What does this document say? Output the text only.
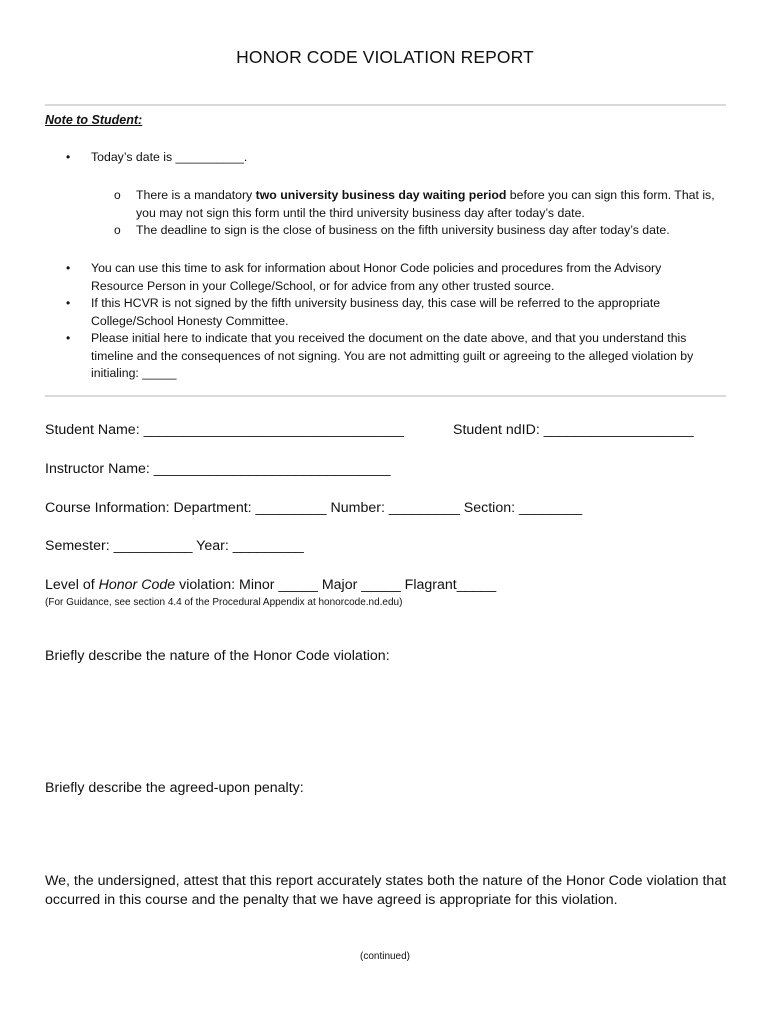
HONOR CODE VIOLATION REPORT
Note to Student:
• Today’s date is __________.
o There is a mandatory two university business day waiting period before you can sign this form. That is, you may not sign this form until the third university business day after today’s date.
o The deadline to sign is the close of business on the fifth university business day after today’s date.
• You can use this time to ask for information about Honor Code policies and procedures from the Advisory Resource Person in your College/School, or for advice from any other trusted source.
• If this HCVR is not signed by the fifth university business day, this case will be referred to the appropriate College/School Honesty Committee.
• Please initial here to indicate that you received the document on the date above, and that you understand this timeline and the consequences of not signing. You are not admitting guilt or agreeing to the alleged violation by initialing: _____
Student Name: _________________________________	Student ndID: ___________________
Instructor Name: ______________________________
Course Information: Department: _________ Number: _________ Section: ________
Semester: __________ Year: _________
Level of Honor Code violation: Minor _____ Major _____ Flagrant_____
(For Guidance, see section 4.4 of the Procedural Appendix at honorcode.nd.edu)
Briefly describe the nature of the Honor Code violation:
Briefly describe the agreed-upon penalty:
We, the undersigned, attest that this report accurately states both the nature of the Honor Code violation that occurred in this course and the penalty that we have agreed is appropriate for this violation.
(continued)
